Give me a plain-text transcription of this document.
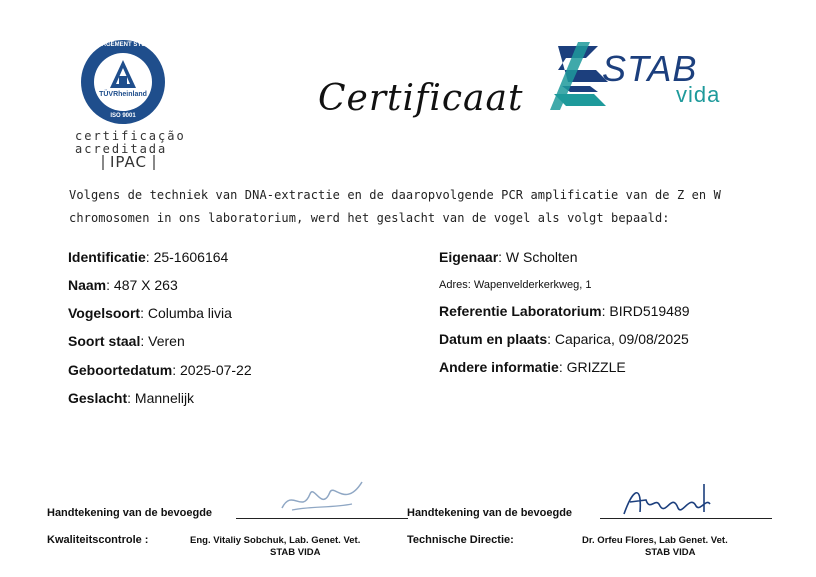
MANAGEMENT SYSTEM
TÜVRheinland
ISO 9001
certificação
acreditada
IPAC
Certificaat
STAB
vida
Volgens de techniek van DNA-extractie en de daaropvolgende PCR amplificatie van de Z en W
chromosomen in ons laboratorium, werd het geslacht van de vogel als volgt bepaald:
Identificatie: 25-1606164
Naam: 487 X 263
Vogelsoort: Columba livia
Soort staal: Veren
Geboortedatum: 2025-07-22
Geslacht: Mannelijk
Eigenaar: W Scholten
Adres: Wapenvelderkerkweg, 1
Referentie Laboratorium: BIRD519489
Datum en plaats: Caparica, 09/08/2025
Andere informatie: GRIZZLE
Handtekening van de bevoegde	Handtekening van de bevoegde
Kwaliteitscontrole :	Eng. Vitaliy Sobchuk, Lab. Genet. Vet.
STAB VIDA
Technische Directie:	Dr. Orfeu Flores, Lab Genet. Vet.
STAB VIDA
